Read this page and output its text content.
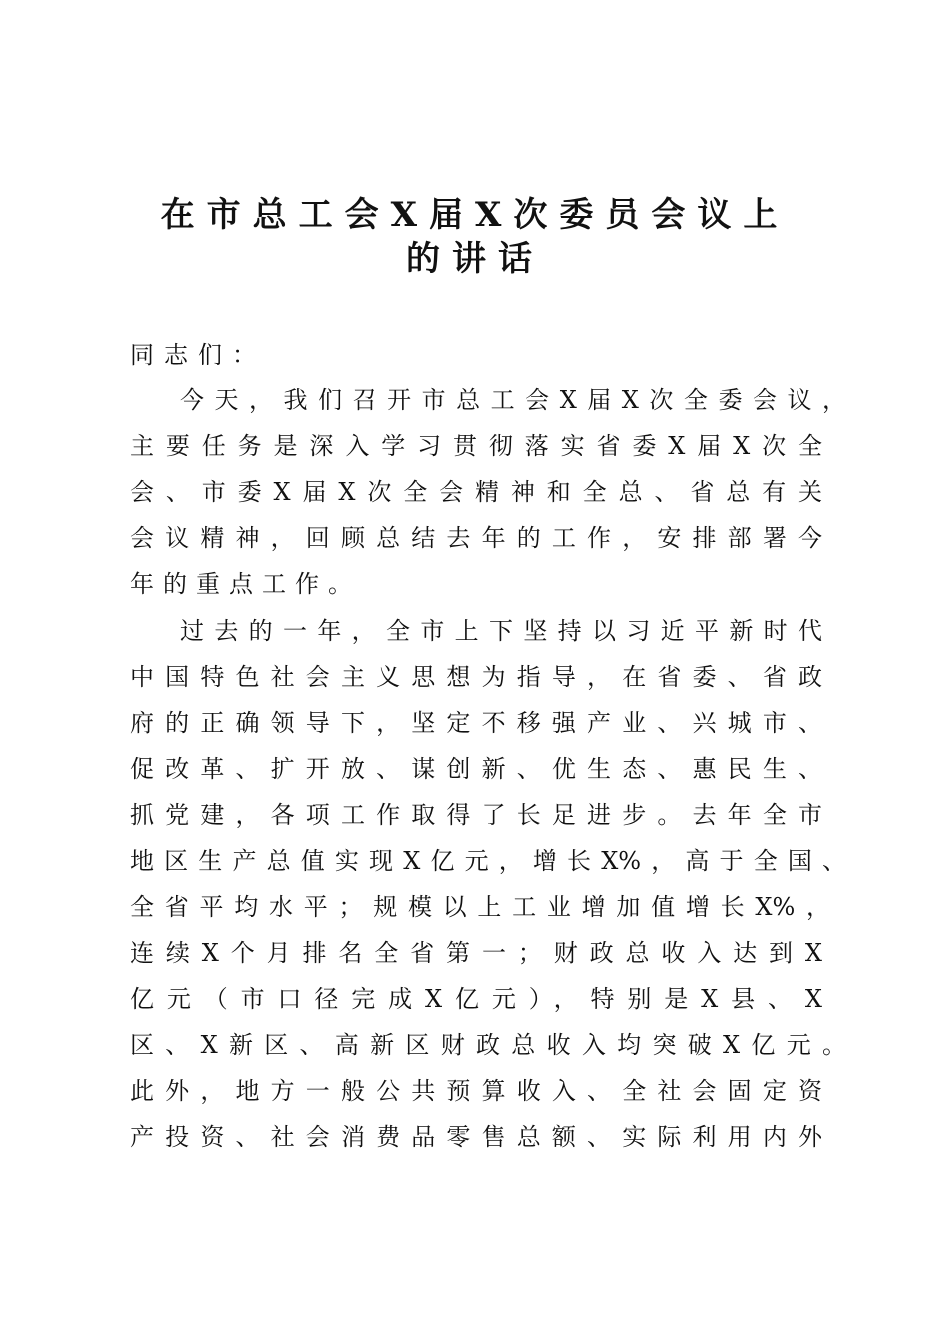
在市总工会X届X次委员会议上
的讲话
同志们：
今天，我们召开市总工会X届X次全委会议，
主要任务是深入学习贯彻落实省委X届X次全
会、市委X届X次全会精神和全总、省总有关
会议精神，回顾总结去年的工作，安排部署今
年的重点工作。
过去的一年，全市上下坚持以习近平新时代
中国特色社会主义思想为指导，在省委、省政
府的正确领导下，坚定不移强产业、兴城市、
促改革、扩开放、谋创新、优生态、惠民生、
抓党建，各项工作取得了长足进步。去年全市
地区生产总值实现X亿元，增长X%，高于全国、
全省平均水平；规模以上工业增加值增长X%，
连续X个月排名全省第一；财政总收入达到X
亿元（市口径完成X亿元），特别是X县、X
区、X新区、高新区财政总收入均突破X亿元。
此外，地方一般公共预算收入、全社会固定资
产投资、社会消费品零售总额、实际利用内外
